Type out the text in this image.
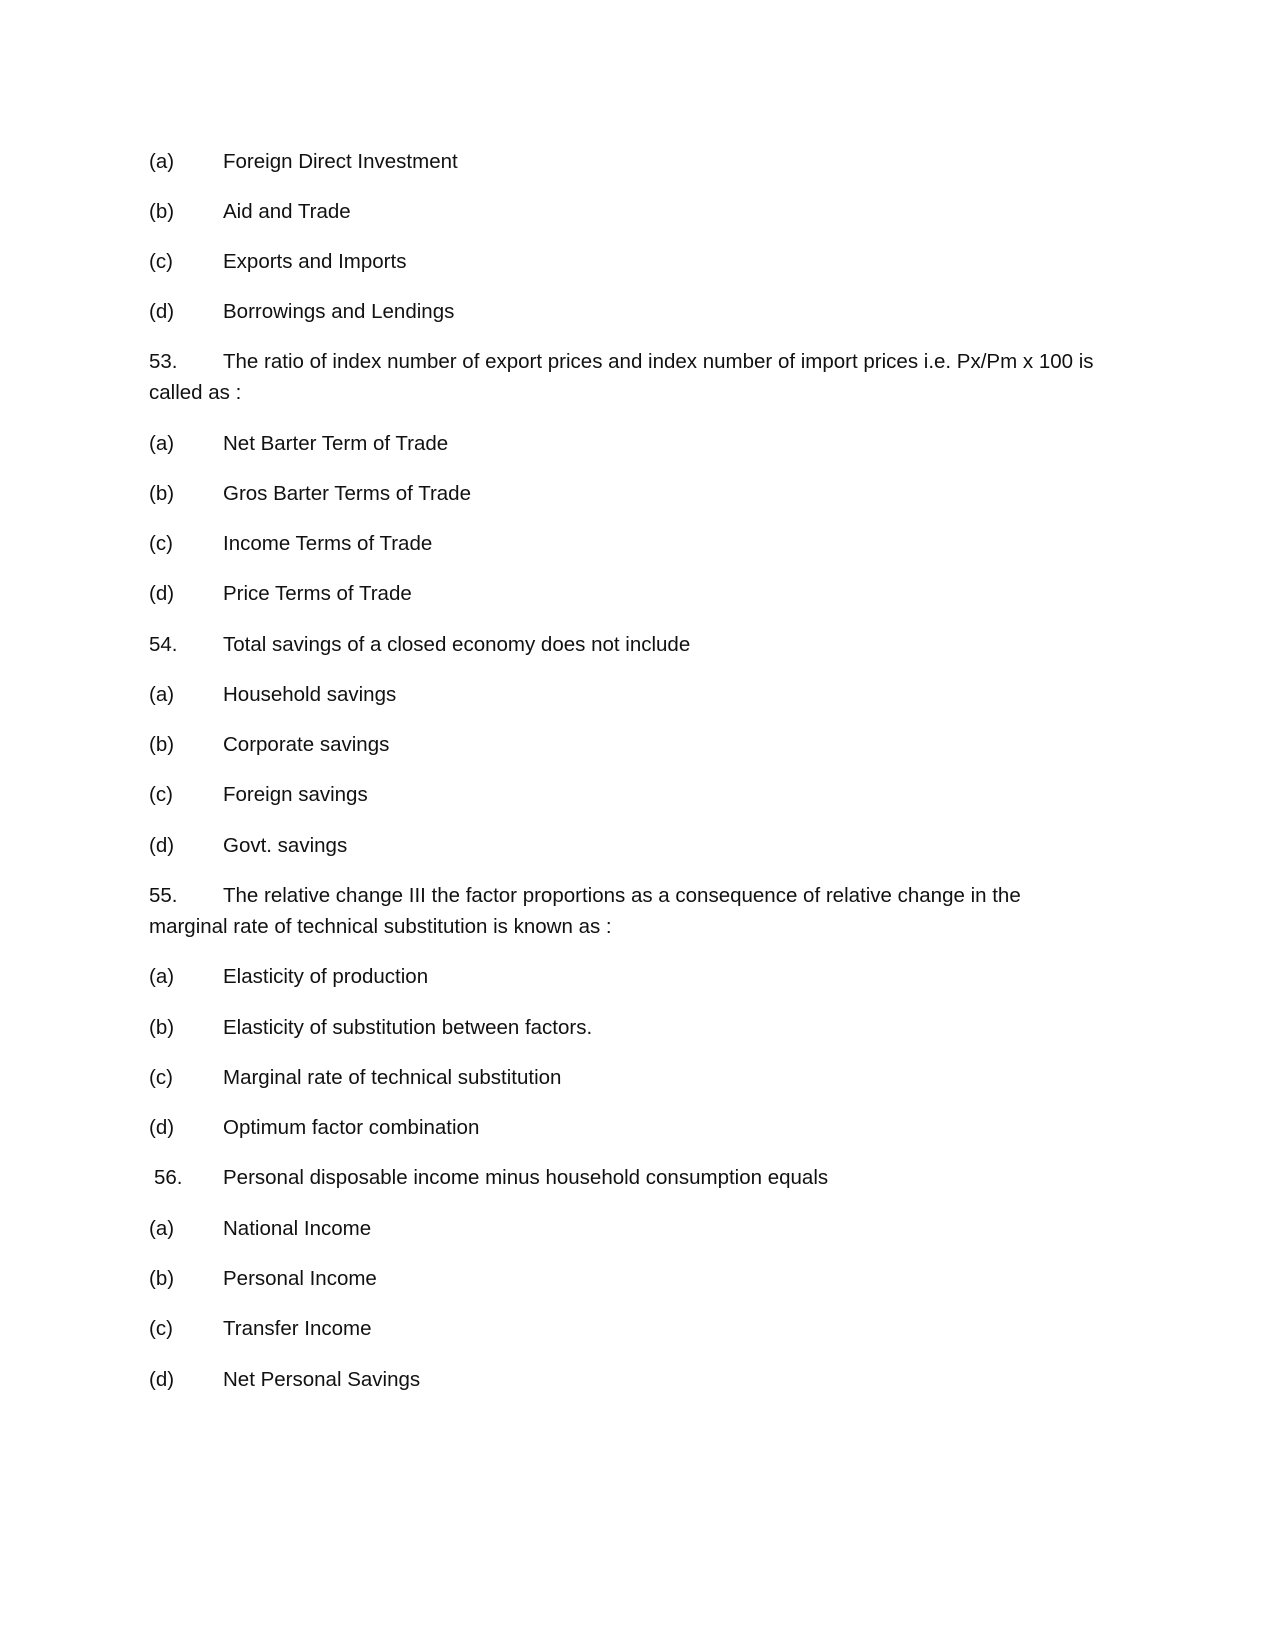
(a) Foreign Direct Investment
(b) Aid and Trade
(c) Exports and Imports
(d) Borrowings and Lendings
53. The ratio of index number of export prices and index number of import prices i.e. Px/Pm x 100 is
called as :
(a) Net Barter Term of Trade
(b) Gros Barter Terms of Trade
(c) Income Terms of Trade
(d) Price Terms of Trade
54. Total savings of a closed economy does not include
(a) Household savings
(b) Corporate savings
(c) Foreign savings
(d) Govt. savings
55. The relative change III the factor proportions as a consequence of relative change in the
marginal rate of technical substitution is known as :
(a) Elasticity of production
(b) Elasticity of substitution between factors.
(c) Marginal rate of technical substitution
(d) Optimum factor combination
56. Personal disposable income minus household consumption equals
(a) National Income
(b) Personal Income
(c) Transfer Income
(d) Net Personal Savings
